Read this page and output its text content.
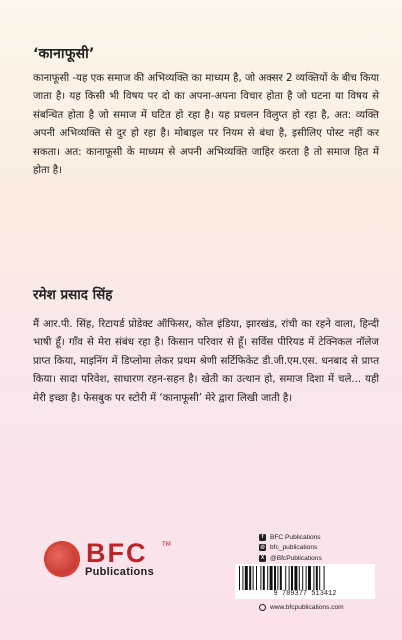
‘कानाफूसी’
कानाफूसी -यह एक समाज की अभिव्यक्ति का माध्यम है, जो अक्सर 2 व्यक्तियों के बीच किया जाता है। यह किसी भी विषय पर दो का अपना-अपना विचार होता है जो घटना या विषय से संबन्धित होता है जो समाज में घटित हो रहा है। यह प्रचलन विलुप्त हो रहा है, अत: व्यक्ति अपनी अभिव्यक्ति से दुर हो रहा है। मोबाइल पर नियम से बंधा है, इसीलिए पोस्ट नहीं कर सकता। अत: कानाफूसी के माध्यम से अपनी अभिव्यक्ति जाहिर करता है तो समाज हित में होता है।
रमेश प्रसाद सिंह
मैं आर.पी. सिंह, रिटायर्ड प्रोडेक्ट ऑफिसर, कोल इंडिया, झारखंड, रांची का रहने वाला, हिन्दी भाषी हूँ। गाँव से मेरा संबंध रहा है। किसान परिवार से हूँ। सर्विस पीरियड में टेक्निकल नॉलेज प्राप्त किया, माइनिंग में डिप्लोमा लेकर प्रथम श्रेणी सर्टिफिकेट डी.जी.एम.एस. धनबाद से प्राप्त किया। सादा परिवेश, साधारण रहन-सहन है। खेती का उत्थान हो, समाज दिशा में चले... यही मेरी इच्छा है। फेसबुक पर स्टोरी में ‘कानाफूसी’ मेरे द्वारा लिखी जाती है।
BFC TM
Publications
f	BFC Publications
◎ bfc_publications
X @BfcPublications
9 789377 513412
www.bfcpublications.com
